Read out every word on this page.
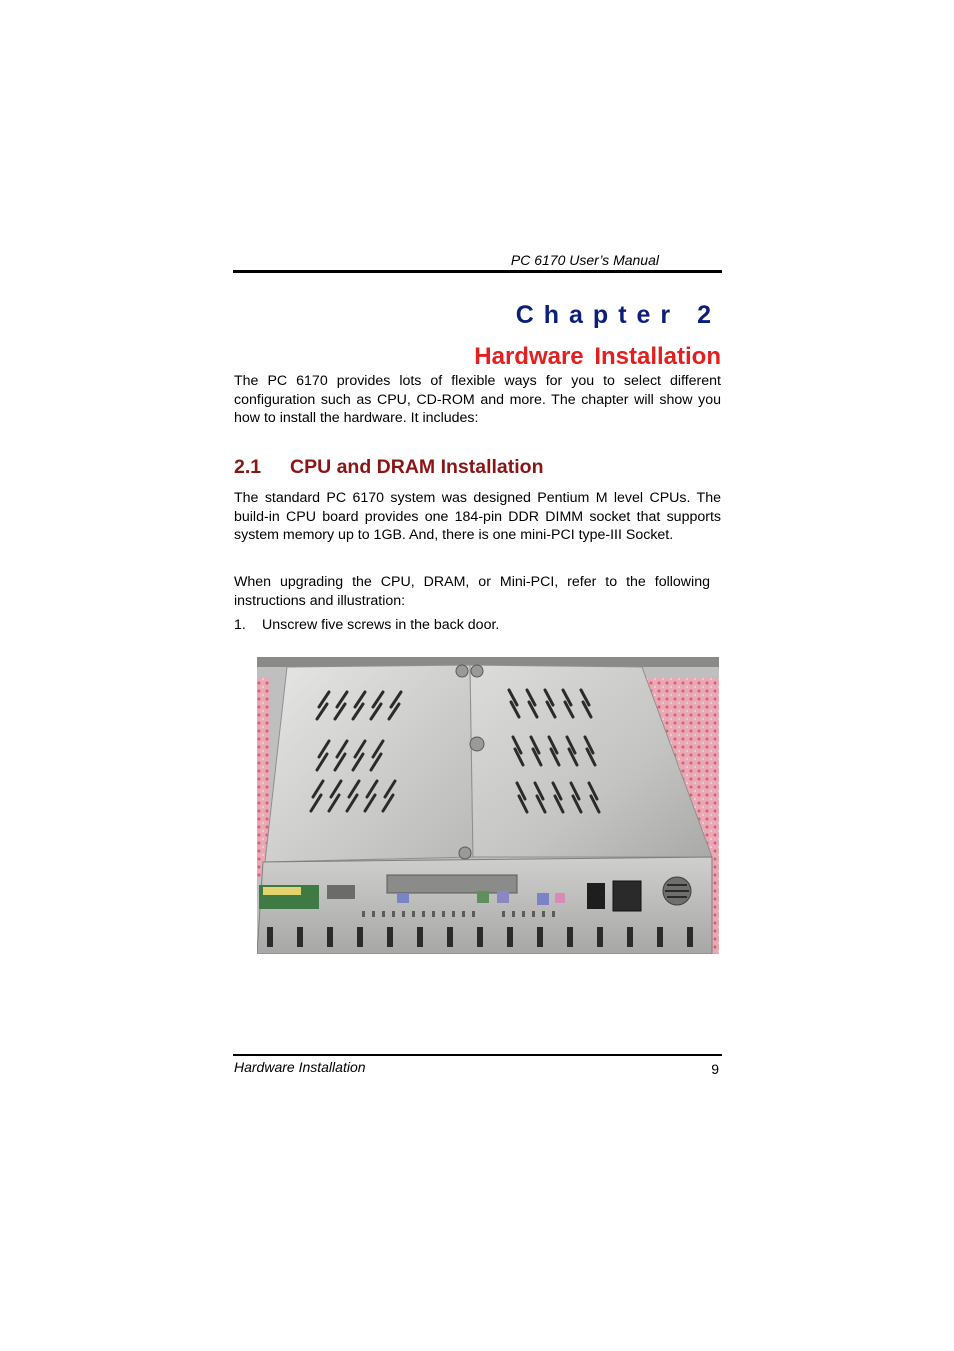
PC 6170 User’s Manual
Chapter 2
Hardware Installation

The PC 6170 provides lots of flexible ways for you to select different configuration such as CPU, CD-ROM and more. The chapter will show you how to install the hardware. It includes:

2.1 CPU and DRAM Installation

The standard PC 6170 system was designed Pentium M level CPUs. The build-in CPU board provides one 184-pin DDR DIMM socket that supports system memory up to 1GB. And, there is one mini-PCI type-III Socket.

When upgrading the CPU, DRAM, or Mini-PCI, refer to the following instructions and illustration:

1. Unscrew five screws in the back door.
Hardware Installation	9
